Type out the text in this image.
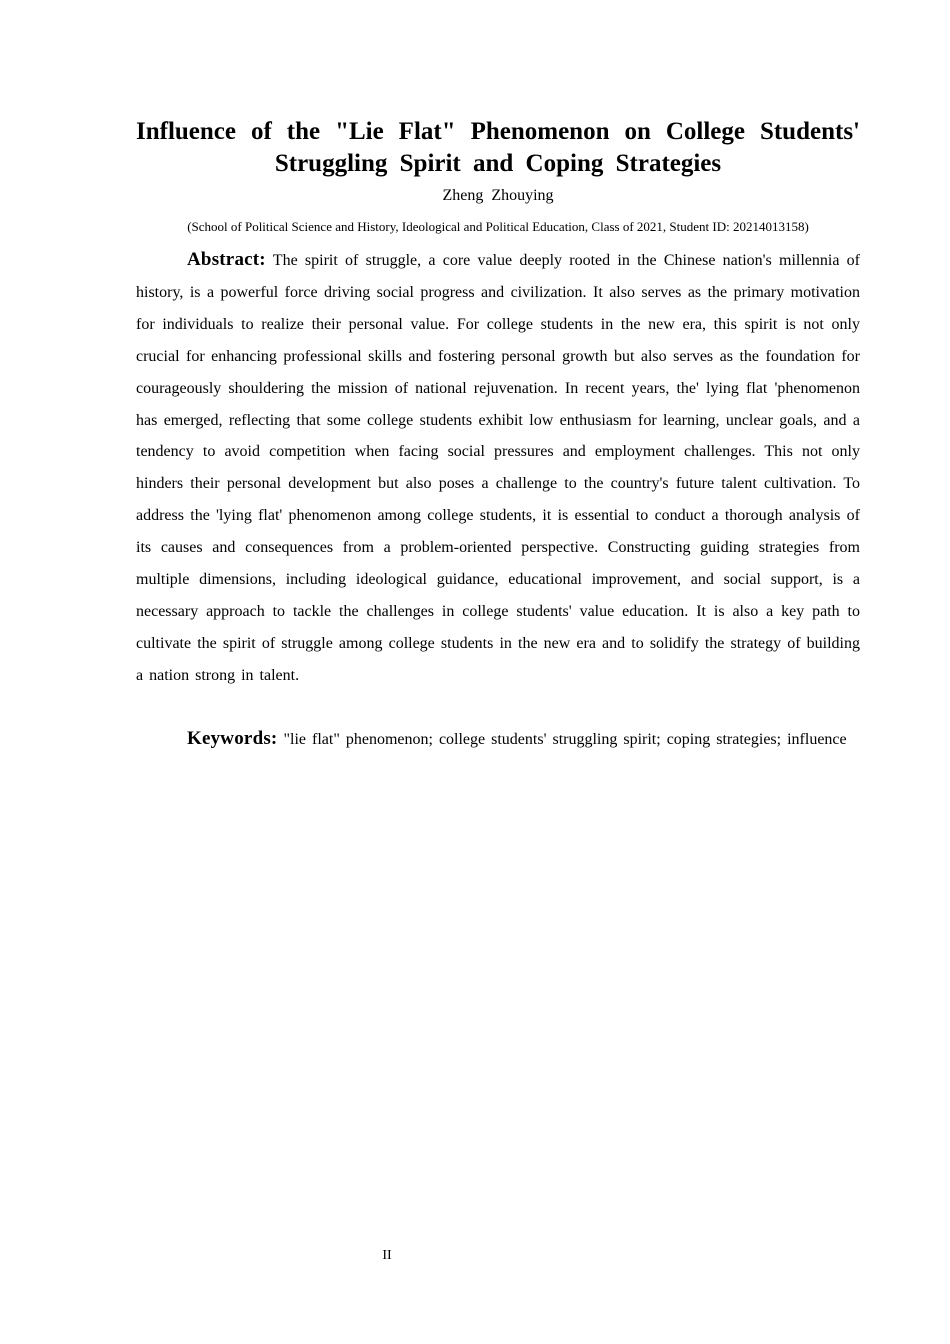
Influence of the "Lie Flat" Phenomenon on College Students'
Struggling Spirit and Coping Strategies
Zheng Zhouying
(School of Political Science and History, Ideological and Political Education, Class of 2021, Student ID: 20214013158)

Abstract: The spirit of struggle, a core value deeply rooted in the Chinese nation's millennia of history, is a powerful force driving social progress and civilization. It also serves as the primary motivation for individuals to realize their personal value. For college students in the new era, this spirit is not only crucial for enhancing professional skills and fostering personal growth but also serves as the foundation for courageously shouldering the mission of national rejuvenation. In recent years, the' lying flat 'phenomenon has emerged, reflecting that some college students exhibit low enthusiasm for learning, unclear goals, and a tendency to avoid competition when facing social pressures and employment challenges. This not only hinders their personal development but also poses a challenge to the country's future talent cultivation. To address the 'lying flat' phenomenon among college students, it is essential to conduct a thorough analysis of its causes and consequences from a problem-oriented perspective. Constructing guiding strategies from multiple dimensions, including ideological guidance, educational improvement, and social support, is a necessary approach to tackle the challenges in college students' value education. It is also a key path to cultivate the spirit of struggle among college students in the new era and to solidify the strategy of building a nation strong in talent.

Keywords: "lie flat" phenomenon; college students' struggling spirit; coping strategies; influence

II
